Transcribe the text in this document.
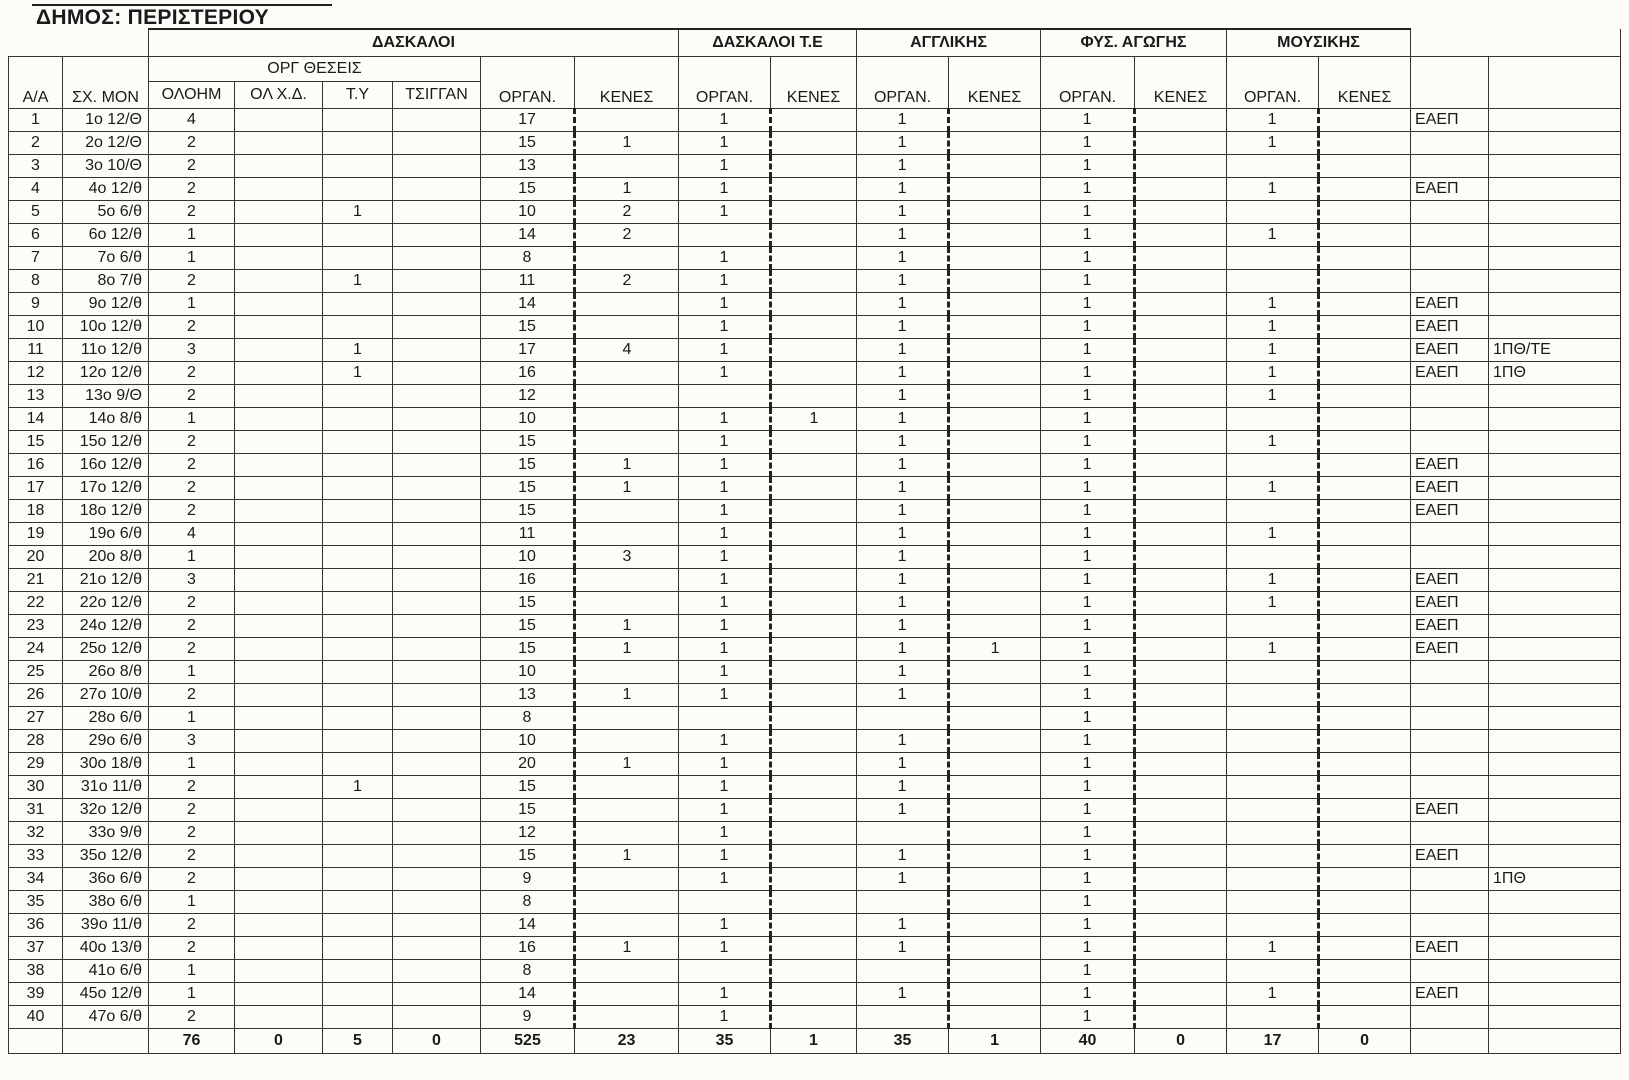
ΔΗΜΟΣ: ΠΕΡΙΣΤΕΡΙΟΥ
		ΔΑΣΚΑΛΟΙ						ΔΑΣΚΑΛΟΙ Τ.Ε		ΑΓΓΛΙΚΗΣ		ΦΥΣ. ΑΓΩΓΗΣ		ΜΟΥΣΙΚΗΣ			
Α/Α	ΣΧ. ΜΟΝ	ΟΡΓ ΘΕΣΕΙΣ				ΟΡΓΑΝ.	ΚΕΝΕΣ	ΟΡΓΑΝ.	ΚΕΝΕΣ	ΟΡΓΑΝ.	ΚΕΝΕΣ	ΟΡΓΑΝ.	ΚΕΝΕΣ	ΟΡΓΑΝ.	ΚΕΝΕΣ		
		ΟΛΟΗΜ	ΟΛ Χ.Δ.	Τ.Υ	ΤΣΙΓΓΑΝ												
1	1ο 12/Θ	4				17		1		1		1		1		ΕΑΕΠ	
2	2ο 12/Θ	2				15	1	1		1		1		1			
3	3ο 10/Θ	2				13		1		1		1					
4	4ο 12/θ	2				15	1	1		1		1		1		ΕΑΕΠ	
5	5ο 6/θ	2		1		10	2	1		1		1					
6	6ο 12/θ	1				14	2			1		1		1			
7	7ο 6/θ	1				8		1		1		1					
8	8ο 7/θ	2		1		11	2	1		1		1					
9	9ο 12/θ	1				14		1		1		1		1		ΕΑΕΠ	
10	10ο 12/θ	2				15		1		1		1		1		ΕΑΕΠ	
11	11ο 12/θ	3		1		17	4	1		1		1		1		ΕΑΕΠ	1ΠΘ/ΤΕ
12	12ο 12/θ	2		1		16		1		1		1		1		ΕΑΕΠ	1ΠΘ
13	13ο 9/Θ	2				12				1		1		1			
14	14ο 8/θ	1				10		1	1	1		1					
15	15ο 12/θ	2				15		1		1		1		1			
16	16ο 12/θ	2				15	1	1		1		1				ΕΑΕΠ	
17	17ο 12/θ	2				15	1	1		1		1		1		ΕΑΕΠ	
18	18ο 12/θ	2				15		1		1		1				ΕΑΕΠ	
19	19ο 6/θ	4				11		1		1		1		1			
20	20ο 8/θ	1				10	3	1		1		1					
21	21ο 12/θ	3				16		1		1		1		1		ΕΑΕΠ	
22	22ο 12/θ	2				15		1		1		1		1		ΕΑΕΠ	
23	24ο 12/θ	2				15	1	1		1		1				ΕΑΕΠ	
24	25ο 12/θ	2				15	1	1		1	1	1		1		ΕΑΕΠ	
25	26ο 8/θ	1				10		1		1		1					
26	27ο 10/θ	2				13	1	1		1		1					
27	28ο 6/θ	1				8						1					
28	29ο 6/θ	3				10		1		1		1					
29	30ο 18/θ	1				20	1	1		1		1					
30	31ο 11/θ	2		1		15		1		1		1					
31	32ο 12/θ	2				15		1		1		1				ΕΑΕΠ	
32	33ο 9/θ	2				12		1				1					
33	35ο 12/θ	2				15	1	1		1		1				ΕΑΕΠ	
34	36ο 6/θ	2				9		1		1		1					1ΠΘ
35	38ο 6/θ	1				8						1					
36	39ο 11/θ	2				14		1		1		1					
37	40ο 13/θ	2				16	1	1		1		1		1		ΕΑΕΠ	
38	41ο 6/θ	1				8						1					
39	45ο 12/θ	1				14		1		1		1		1		ΕΑΕΠ	
40	47ο 6/θ	2				9		1				1					
		76	0	5	0	525	23	35	1	35	1	40	0	17	0		
